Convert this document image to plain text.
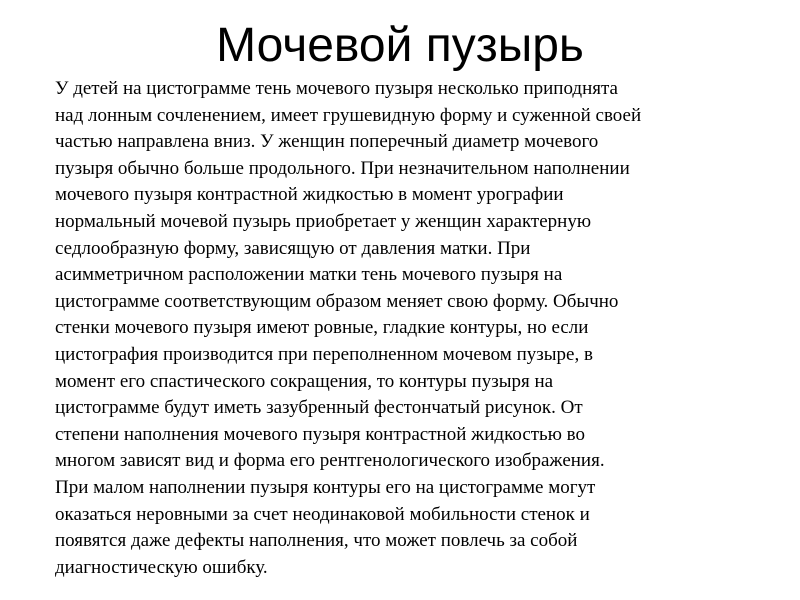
Мочевой пузырь

У детей на цистограмме тень мочевого пузыря несколько приподнята
над лонным сочленением, имеет грушевидную форму и суженной своей
частью направлена вниз. У женщин поперечный диаметр мочевого
пузыря обычно больше продольного. При незначительном наполнении
мочевого пузыря контрастной жидкостью в момент урографии
нормальный мочевой пузырь приобретает у женщин характерную
седлообразную форму, зависящую от давления матки. При
асимметричном расположении матки тень мочевого пузыря на
цистограмме соответствующим образом меняет свою форму. Обычно
стенки мочевого пузыря имеют ровные, гладкие контуры, но если
цистография производится при переполненном мочевом пузыре, в
момент его спастического сокращения, то контуры пузыря на
цистограмме будут иметь зазубренный фестончатый рисунок. От
степени наполнения мочевого пузыря контрастной жидкостью во
многом зависят вид и форма его рентгенологического изображения.
При малом наполнении пузыря контуры его на цистограмме могут
оказаться неровными за счет неодинаковой мобильности стенок и
появятся даже дефекты наполнения, что может повлечь за собой
диагностическую ошибку.
